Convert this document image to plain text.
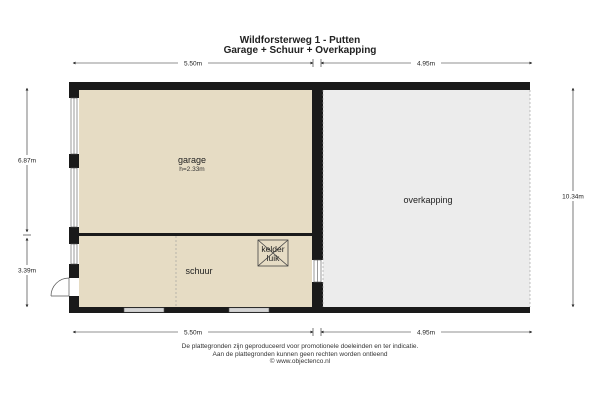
Wildforsterweg 1 - Putten
Garage + Schuur + Overkapping
garage
h=2.33m
schuur
overkapping
kelder
luik
5.50m	4.95m
5.50m	4.95m
6.87m
3.39m
10.34m
De plattegronden zijn geproduceerd voor promotionele doeleinden en ter indicatie.
Aan de plattegronden kunnen geen rechten worden ontleend
© www.objectenco.nl
